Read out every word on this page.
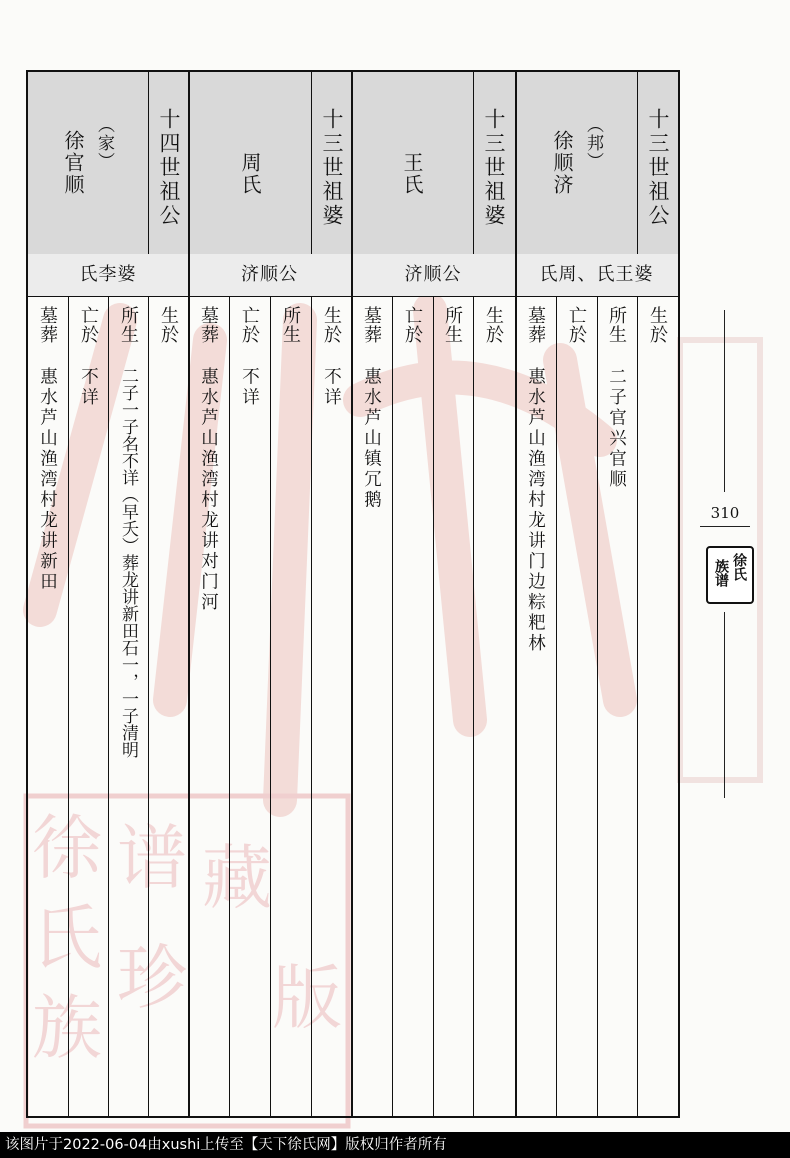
徐
氏
族
谱
珍
藏
版
十三世祖公
（邦）
徐顺济
氏周、氏王婆
生於
所生
亡於
墓葬
二子官兴官顺
惠水芦山渔湾村龙讲门边粽粑林
十三世祖婆
王氏
济顺公
生於
所生
亡於
墓葬
惠水芦山镇冗鹅
十三世祖婆
周氏
济顺公
生於
所生
亡於
墓葬
不详
不详
惠水芦山渔湾村龙讲对门河
十四世祖公
（家）
徐官顺
氏李婆
生於
所生
亡於
墓葬
二子一子名不详（早夭）葬龙讲新田石一，一子清明
不详
惠水芦山渔湾村龙讲新田	310
徐氏
族谱
该图片于2022-06-04由xushi上传至【天下徐氏网】版权归作者所有
